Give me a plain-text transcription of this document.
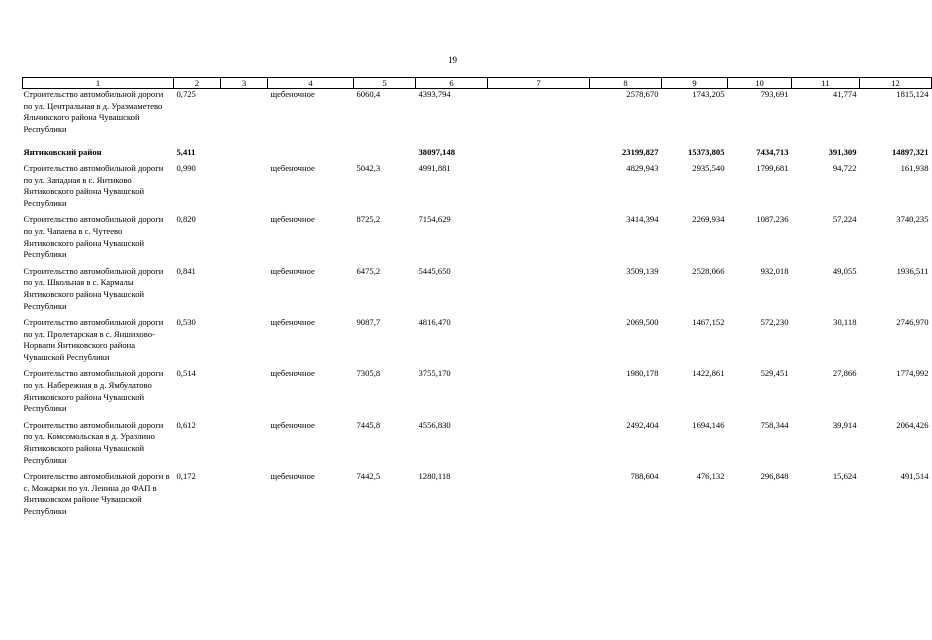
19
1	2	3	4	5	6	7	8	9	10	11	12
Строительство автомобильной дороги по ул. Центральная в д. Уразмаметево Яльчикского района Чувашской Республики	0,725		щебеночное	6060,4	4393,794		2578,670	1743,205	793,691	41,774	1815,124

Янтиковский район	5,411				38097,148		23199,827	15373,805	7434,713	391,309	14897,321

Строительство автомобильной дороги по ул. Западная в с. Янтиково Янтиковского района Чувашской Республики	0,990		щебеночное	5042,3	4991,881		4829,943	2935,540	1799,681	94,722	161,938

Строительство автомобильной дороги по ул. Чапаева в с. Чутеево Янтиковского района Чувашской Республики	0,820		щебеночное	8725,2	7154,629		3414,394	2269,934	1087,236	57,224	3740,235

Строительство автомобильной дороги по ул. Школьная в с. Кармалы Янтиковского района Чувашской Республики	0,841		щебеночное	6475,2	5445,650		3509,139	2528,066	932,018	49,055	1936,511

Строительство автомобильной дороги по ул. Пролетарская в с. Яншихово-Норвапи Янтиковского района Чувашской Республики	0,530		щебеночное	9087,7	4816,470		2069,500	1467,152	572,230	30,118	2746,970

Строительство автомобильной дороги по ул. Набережная в д. Ямбулатово Янтиковского района Чувашской Республики	0,514		щебеночное	7305,8	3755,170		1980,178	1422,861	529,451	27,866	1774,992

Строительство автомобильной дороги по ул. Комсомольская в д. Уразлино Янтиковского района Чувашской Республики	0,612		щебеночное	7445,8	4556,830		2492,404	1694,146	758,344	39,914	2064,426

Строительство автомобильной дороги в с. Можарки по ул. Ленина до ФАП в Янтиковском районе Чувашской Республики	0,172		щебеночное	7442,5	1280,118		788,604	476,132	296,848	15,624	491,514
